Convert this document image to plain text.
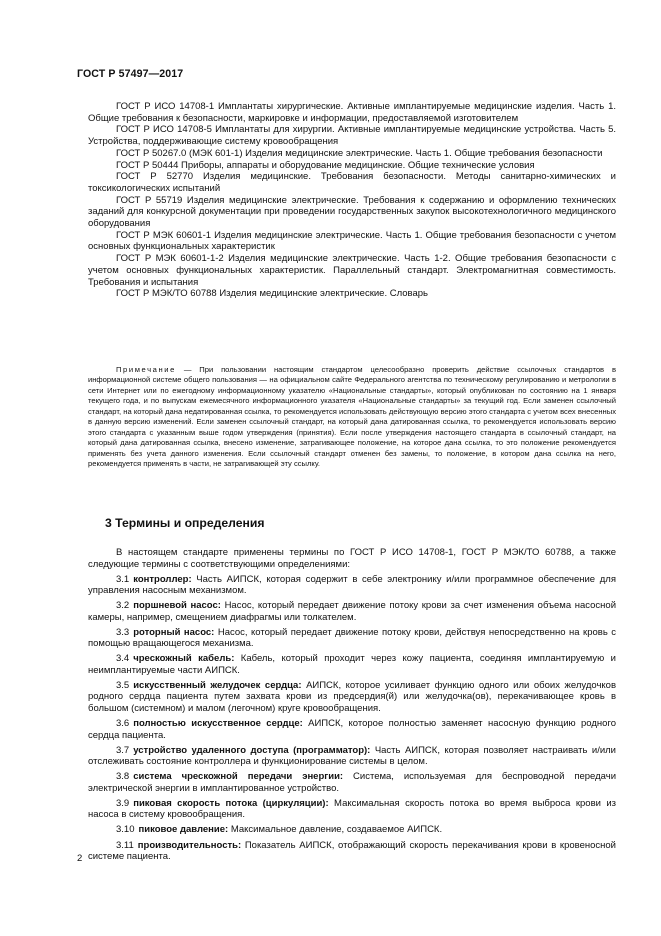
ГОСТ Р 57497—2017

ГОСТ Р ИСО 14708-1 Имплантаты хирургические. Активные имплантируемые медицинские изделия. Часть 1. Общие требования к безопасности, маркировке и информации, предоставляемой изготовителем

ГОСТ Р ИСО 14708-5 Имплантаты для хирургии. Активные имплантируемые медицинские устройства. Часть 5. Устройства, поддерживающие систему кровообращения

ГОСТ Р 50267.0 (МЭК 601-1) Изделия медицинские электрические. Часть 1. Общие требования безопасности

ГОСТ Р 50444 Приборы, аппараты и оборудование медицинские. Общие технические условия

ГОСТ Р 52770 Изделия медицинские. Требования безопасности. Методы санитарно-химических и токсикологических испытаний

ГОСТ Р 55719 Изделия медицинские электрические. Требования к содержанию и оформлению технических заданий для конкурсной документации при проведении государственных закупок высокотехнологичного медицинского оборудования

ГОСТ Р МЭК 60601-1 Изделия медицинские электрические. Часть 1. Общие требования безопасности с учетом основных функциональных характеристик

ГОСТ Р МЭК 60601-1-2 Изделия медицинские электрические. Часть 1-2. Общие требования безопасности с учетом основных функциональных характеристик. Параллельный стандарт. Электромагнитная совместимость. Требования и испытания

ГОСТ Р МЭК/ТО 60788 Изделия медицинские электрические. Словарь

Примечание — При пользовании настоящим стандартом целесообразно проверить действие ссылочных стандартов в информационной системе общего пользования — на официальном сайте Федерального агентства по техническому регулированию и метрологии в сети Интернет или по ежегодному информационному указателю «Национальные стандарты», который опубликован по состоянию на 1 января текущего года, и по выпускам ежемесячного информационного указателя «Национальные стандарты» за текущий год. Если заменен ссылочный стандарт, на который дана недатированная ссылка, то рекомендуется использовать действующую версию этого стандарта с учетом всех внесенных в данную версию изменений. Если заменен ссылочный стандарт, на который дана датированная ссылка, то рекомендуется использовать версию этого стандарта с указанным выше годом утверждения (принятия). Если после утверждения настоящего стандарта в ссылочный стандарт, на который дана датированная ссылка, внесено изменение, затрагивающее положение, на которое дана ссылка, то это положение рекомендуется применять без учета данного изменения. Если ссылочный стандарт отменен без замены, то положение, в котором дана ссылка на него, рекомендуется применять в части, не затрагивающей эту ссылку.
3 Термины и определения

В настоящем стандарте применены термины по ГОСТ Р ИСО 14708-1, ГОСТ Р МЭК/ТО 60788, а также следующие термины с соответствующими определениями:

3.1 контроллер: Часть АИПСК, которая содержит в себе электронику и/или программное обеспечение для управления насосным механизмом.

3.2 поршневой насос: Насос, который передает движение потоку крови за счет изменения объема насосной камеры, например, смещением диафрагмы или толкателем.

3.3 роторный насос: Насос, который передает движение потоку крови, действуя непосредственно на кровь с помощью вращающегося механизма.

3.4 чрескожный кабель: Кабель, который проходит через кожу пациента, соединяя имплантируемую и неимплантируемые части АИПСК.

3.5 искусственный желудочек сердца: АИПСК, которое усиливает функцию одного или обоих желудочков родного сердца пациента путем захвата крови из предсердия(й) или желудочка(ов), перекачивающее кровь в большом (системном) и малом (легочном) круге кровообращения.

3.6 полностью искусственное сердце: АИПСК, которое полностью заменяет насосную функцию родного сердца пациента.

3.7 устройство удаленного доступа (программатор): Часть АИПСК, которая позволяет настраивать и/или отслеживать состояние контроллера и функционирование системы в целом.

3.8 система чрескожной передачи энергии: Система, используемая для беспроводной передачи электрической энергии в имплантированное устройство.

3.9 пиковая скорость потока (циркуляции): Максимальная скорость потока во время выброса крови из насоса в систему кровообращения.

3.10 пиковое давление: Максимальное давление, создаваемое АИПСК.

3.11 производительность: Показатель АИПСК, отображающий скорость перекачивания крови в кровеносной системе пациента.

2
